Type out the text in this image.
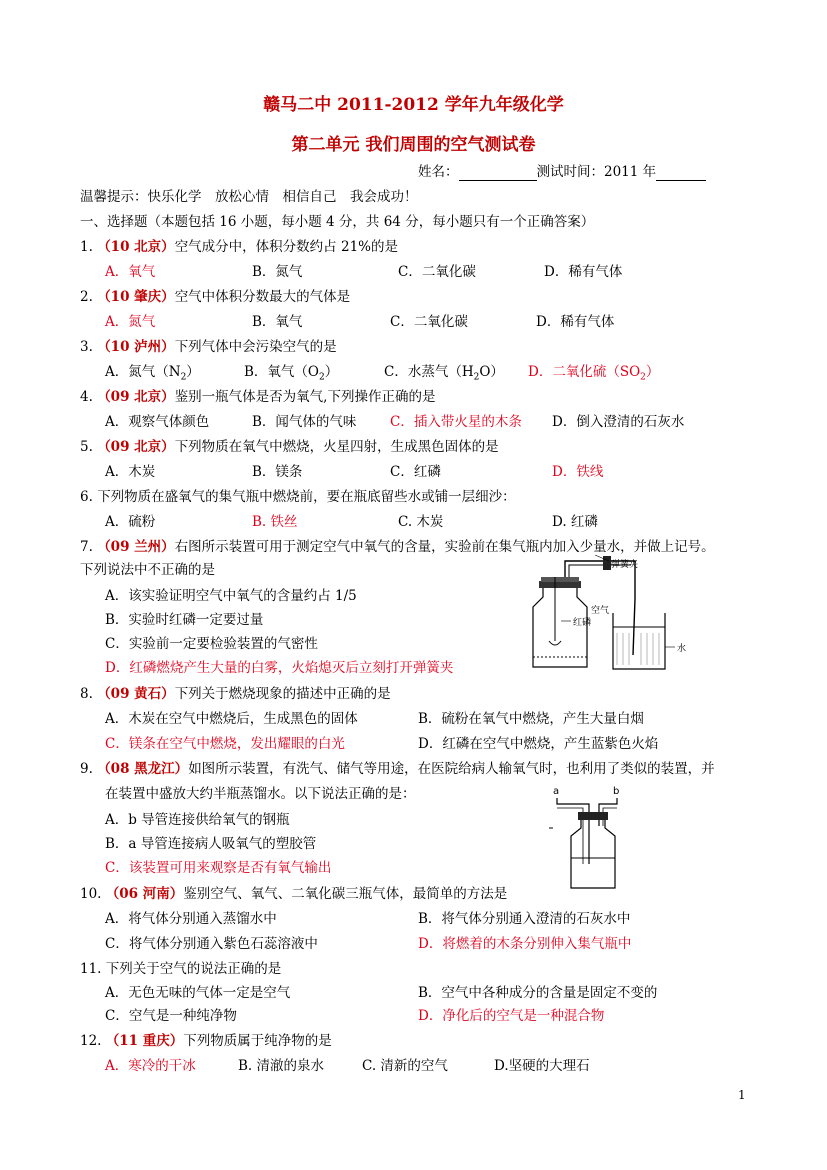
赣马二中 2011-2012 学年九年级化学
第二单元 我们周围的空气测试卷
姓名：	测试时间：2011 年
温馨提示：快乐化学　放松心情　相信自己　我会成功！
一、选择题（本题包括 16 小题，每小题 4 分，共 64 分，每小题只有一个正确答案）
1. （10 北京）空气成分中，体积分数约占 21%的是
A．氧气	B．氮气	C．二氧化碳	D．稀有气体
2. （10 肇庆）空气中体积分数最大的气体是
A．氮气	B．氧气	C．二氧化碳	D．稀有气体
3. （10 泸州）下列气体中会污染空气的是
A．氮气$(N_2)$	B．氧气$(O_2)$	C．水蒸气$(H_2O)$ D．二氧化硫$(SO_2)$
4. （09 北京）鉴别一瓶气体是否为氧气,下列操作正确的是
A．观察气体颜色	B．闻气体的气味 C．插入带火星的木条 D．倒入澄清的石灰水
5. （09 北京）下列物质在氧气中燃烧，火星四射，生成黑色固体的是
A．木炭	B．镁条	C．红磷	D．铁线
6. 下列物质在盛氧气的集气瓶中燃烧前，要在瓶底留些水或铺一层细沙：
A．硫粉	B. 铁丝	C. 木炭	D. 红磷
7. （09 兰州）右图所示装置可用于测定空气中氧气的含量，实验前在集气瓶内加入少量水，并做上记号。
下列说法中不正确的是
A．该实验证明空气中氧气的含量约占 1/5
B．实验时红磷一定要过量
C．实验前一定要检验装置的气密性
D．红磷燃烧产生大量的白雾，火焰熄灭后立刻打开弹簧夹
弹簧夹
空气
红磷
水
8. （09 黄石）下列关于燃烧现象的描述中正确的是
A．木炭在空气中燃烧后，生成黑色的固体	B．硫粉在氧气中燃烧，产生大量白烟
C．镁条在空气中燃烧，发出耀眼的白光	D．红磷在空气中燃烧，产生蓝紫色火焰
9. （08 黑龙江）如图所示装置，有洗气、储气等用途，在医院给病人输氧气时，也利用了类似的装置，并
在装置中盛放大约半瓶蒸馏水。以下说法正确的是：
A．b 导管连接供给氧气的钢瓶
B．a 导管连接病人吸氧气的塑胶管
C．该装置可用来观察是否有氧气输出
a	b
10. （06 河南）鉴别空气、氧气、二氧化碳三瓶气体，最简单的方法是
A．将气体分别通入蒸馏水中	B．将气体分别通入澄清的石灰水中
C．将气体分别通入紫色石蕊溶液中	D．将燃着的木条分别伸入集气瓶中
11. 下列关于空气的说法正确的是
A．无色无味的气体一定是空气	B．空气中各种成分的含量是固定不变的
C．空气是一种纯净物	D．净化后的空气是一种混合物
12. （11 重庆）下列物质属于纯净物的是
A．寒冷的干冰	B. 清澈的泉水	C. 清新的空气	D.坚硬的大理石
1
